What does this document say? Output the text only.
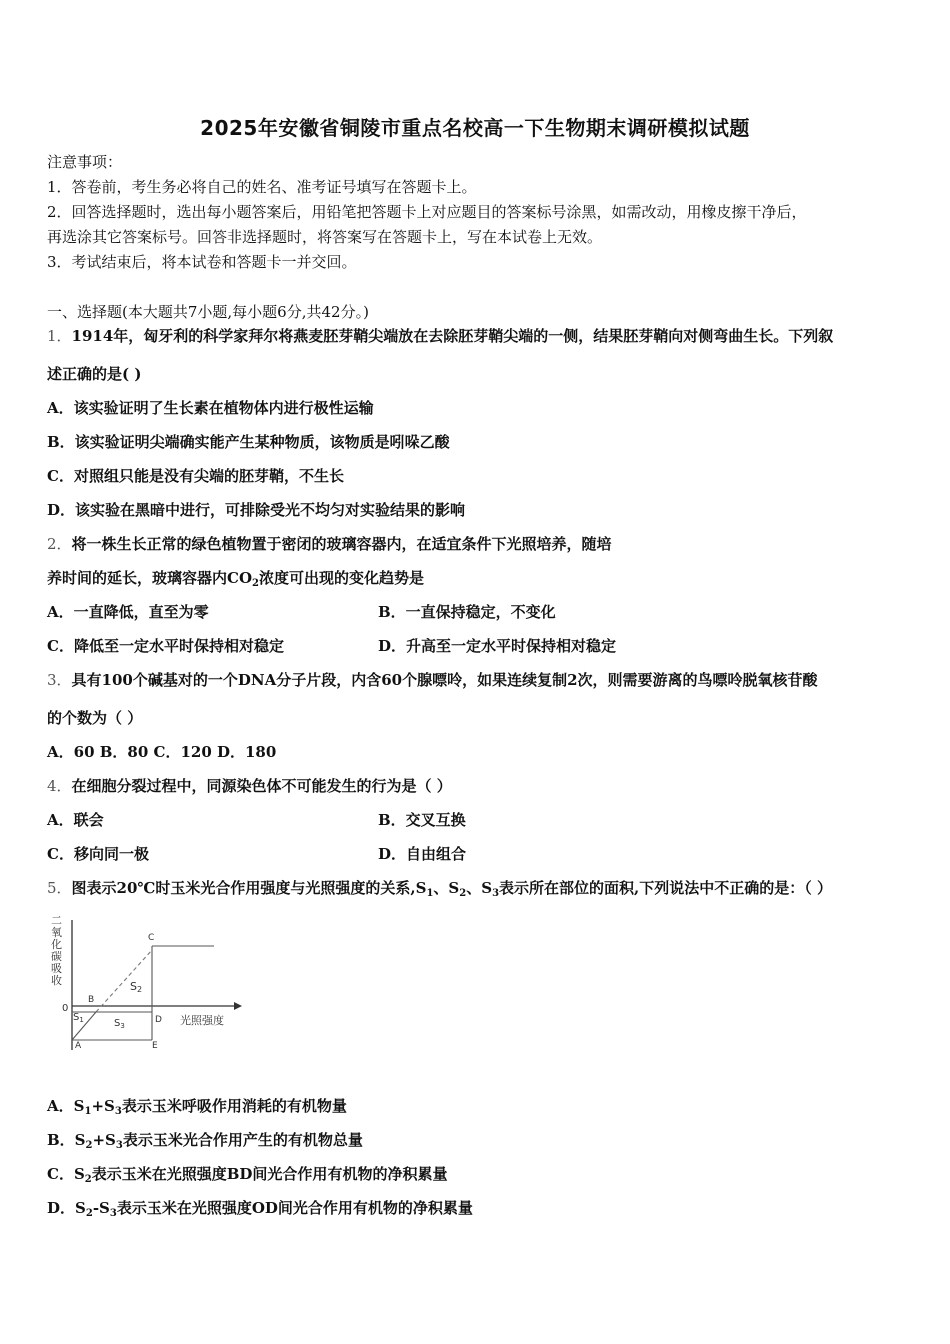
2025年安徽省铜陵市重点名校高一下生物期末调研模拟试题
注意事项：
1．答卷前，考生务必将自己的姓名、准考证号填写在答题卡上。
2．回答选择题时，选出每小题答案后，用铅笔把答题卡上对应题目的答案标号涂黑，如需改动，用橡皮擦干净后，
再选涂其它答案标号。回答非选择题时，将答案写在答题卡上，写在本试卷上无效。
3．考试结束后，将本试卷和答题卡一并交回。
一、选择题(本大题共7小题,每小题6分,共42分。)
1．1914年，匈牙利的科学家拜尔将燕麦胚芽鞘尖端放在去除胚芽鞘尖端的一侧，结果胚芽鞘向对侧弯曲生长。下列叙
述正确的是( )
A．该实验证明了生长素在植物体内进行极性运输
B．该实验证明尖端确实能产生某种物质，该物质是吲哚乙酸
C．对照组只能是没有尖端的胚芽鞘，不生长
D．该实验在黑暗中进行，可排除受光不均匀对实验结果的影响
2．将一株生长正常的绿色植物置于密闭的玻璃容器内，在适宜条件下光照培养，随培
养时间的延长，玻璃容器内$CO_2$浓度可出现的变化趋势是
A．一直降低，直至为零	B．一直保持稳定，不变化
C．降低至一定水平时保持相对稳定	D．升高至一定水平时保持相对稳定
3．具有100个碱基对的一个DNA分子片段，内含60个腺嘌呤，如果连续复制2次，则需要游离的鸟嘌呤脱氧核苷酸
的个数为（ ）
A．60 B．80 C．120 D．180
4．在细胞分裂过程中，同源染色体不可能发生的行为是（ ）
A．联会	B．交叉互换
C．移向同一极	D．自由组合
5．图表示20℃时玉米光合作用强度与光照强度的关系$,S_1$、$S_2$、$S_3$表示所在部位的面积,下列说法中不正确的是：（ ）
二氧化碳吸收
0
A
B
C
D
E
$S_1$
S2
$S_3$	光照强度
A．$S_1+S_3$表示玉米呼吸作用消耗的有机物量
B．$S_2+S_3$表示玉米光合作用产生的有机物总量
C．$S_2$表示玉米在光照强度BD间光合作用有机物的净积累量
D．$S_2-S_3$表示玉米在光照强度OD间光合作用有机物的净积累量
